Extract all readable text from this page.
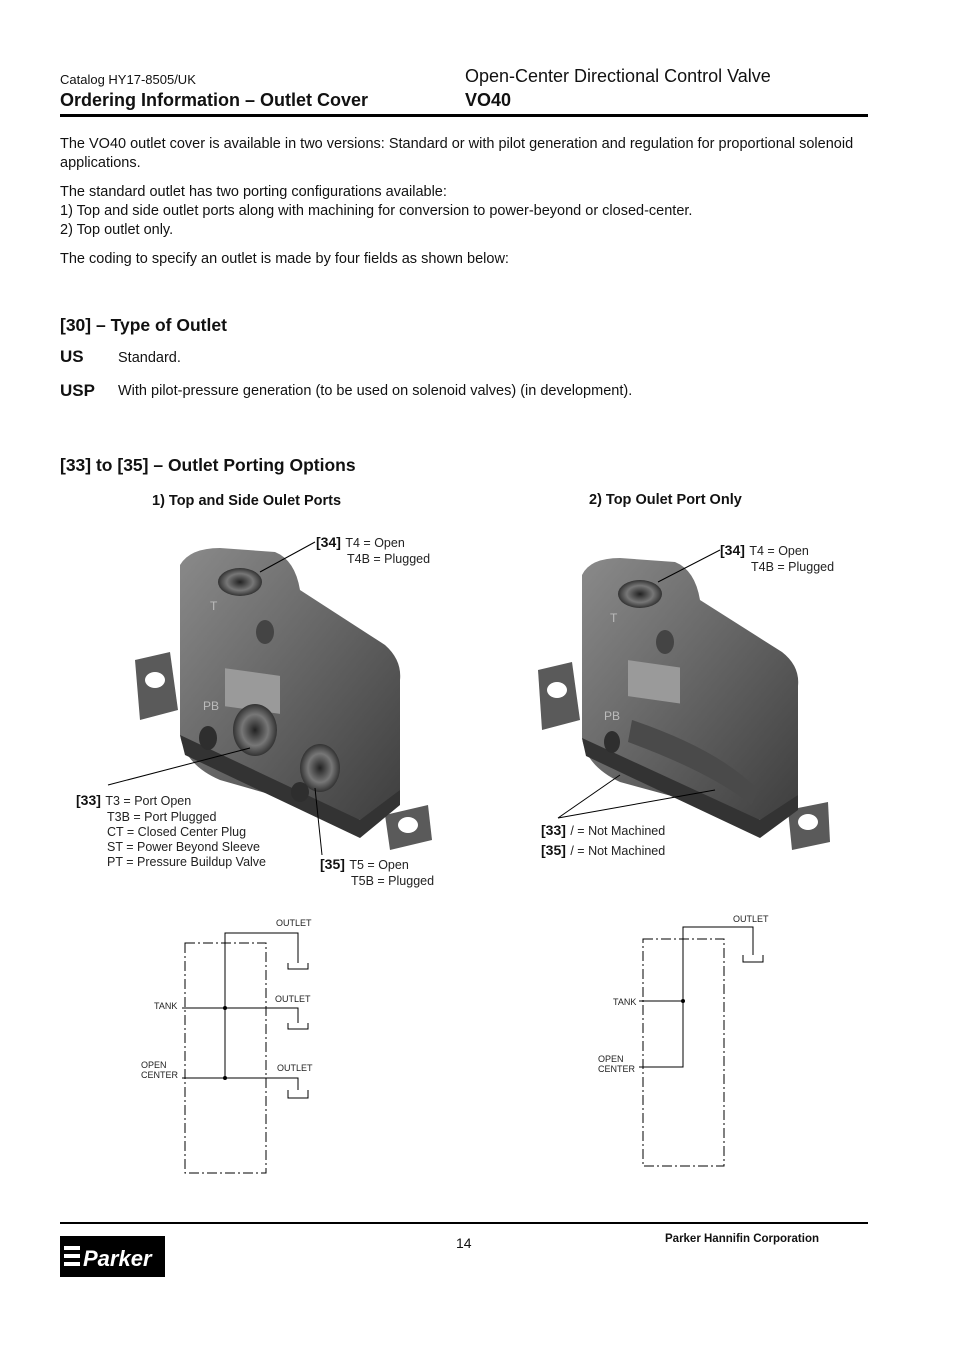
Catalog HY17-8505/UK
Ordering Information – Outlet Cover
Open-Center Directional Control Valve
VO40
The VO40 outlet cover is available in two versions: Standard or with pilot generation and regulation for proportional solenoid applications.
The standard outlet has two porting configurations available:
1) Top and side outlet ports along with machining for conversion to power-beyond or closed-center.
2) Top outlet only.
The coding to specify an outlet is made by four fields as shown below:
[30] – Type of Outlet
US Standard.
USP With pilot-pressure generation (to be used on solenoid valves) (in development).
[33] to [35] – Outlet Porting Options
1) Top and Side Oulet Ports	2) Top Oulet Port Only
T
PB
[34] T4 = Open
T4B = Plugged
[33] T3 = Port Open
T3B = Port Plugged
CT = Closed Center Plug
ST = Power Beyond Sleeve
PT = Pressure Buildup Valve	[35] T5 = Open
T5B = Plugged
T
PB
[34] T4 = Open
T4B = Plugged
[33] / = Not Machined
[35] / = Not Machined
OUTLET
OUTLET
OUTLET
TANK
OPEN
CENTER
OUTLET
TANK
OPEN
CENTER
14	Parker Hannifin Corporation
Parker
